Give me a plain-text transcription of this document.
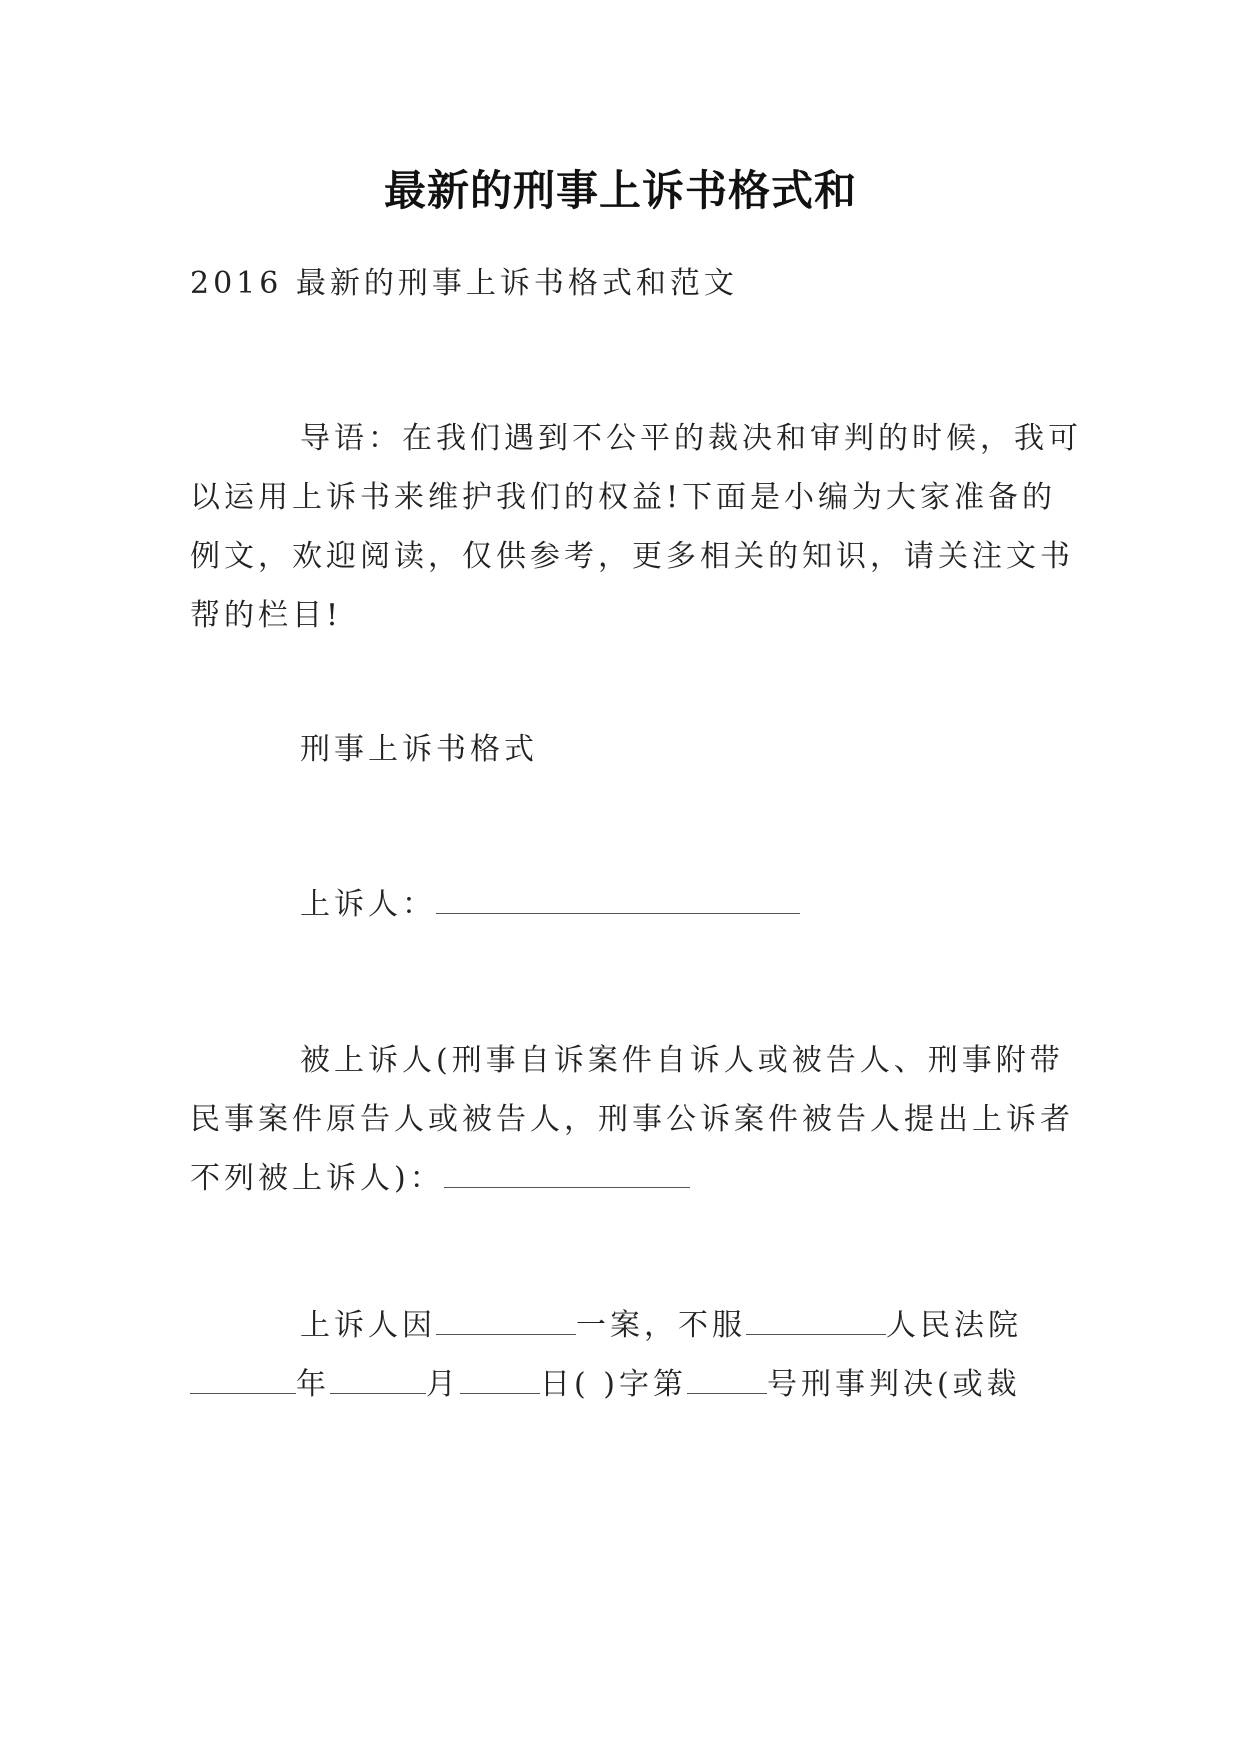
最新的刑事上诉书格式和

2016 最新的刑事上诉书格式和范文

导语：在我们遇到不公平的裁决和审判的时候，我可
以运用上诉书来维护我们的权益!下面是小编为大家准备的
例文，欢迎阅读，仅供参考，更多相关的知识，请关注文书
帮的栏目!

刑事上诉书格式

上诉人：

被上诉人(刑事自诉案件自诉人或被告人、刑事附带
民事案件原告人或被告人，刑事公诉案件被告人提出上诉者
不列被上诉人)：

上诉人因	一案，不服	人民法院
年	月	日( )字第	号刑事判决(或裁
